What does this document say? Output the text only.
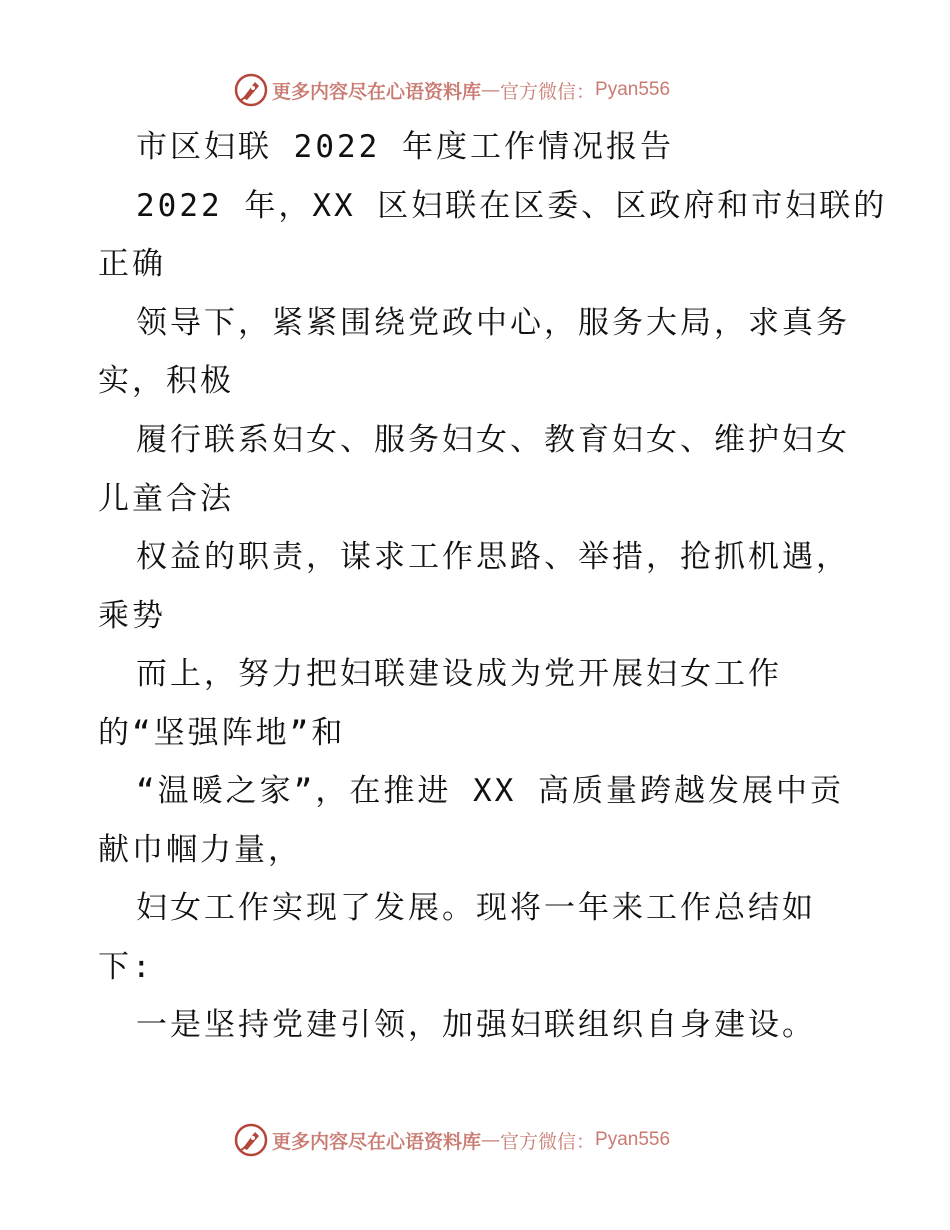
更多内容尽在心语资料库 — 官方微信： Pyan556
市区妇联 2022 年度工作情况报告
2022 年，XX 区妇联在区委、区政府和市妇联的
正确
领导下，紧紧围绕党政中心，服务大局，求真务
实，积极
履行联系妇女、服务妇女、教育妇女、维护妇女
儿童合法
权益的职责，谋求工作思路、举措，抢抓机遇，
乘势
而上，努力把妇联建设成为党开展妇女工作
的“坚强阵地”和
“温暖之家”，在推进 XX 高质量跨越发展中贡
献巾帼力量，
妇女工作实现了发展。现将一年来工作总结如
下:
一是坚持党建引领，加强妇联组织自身建设。
更多内容尽在心语资料库 — 官方微信： Pyan556
